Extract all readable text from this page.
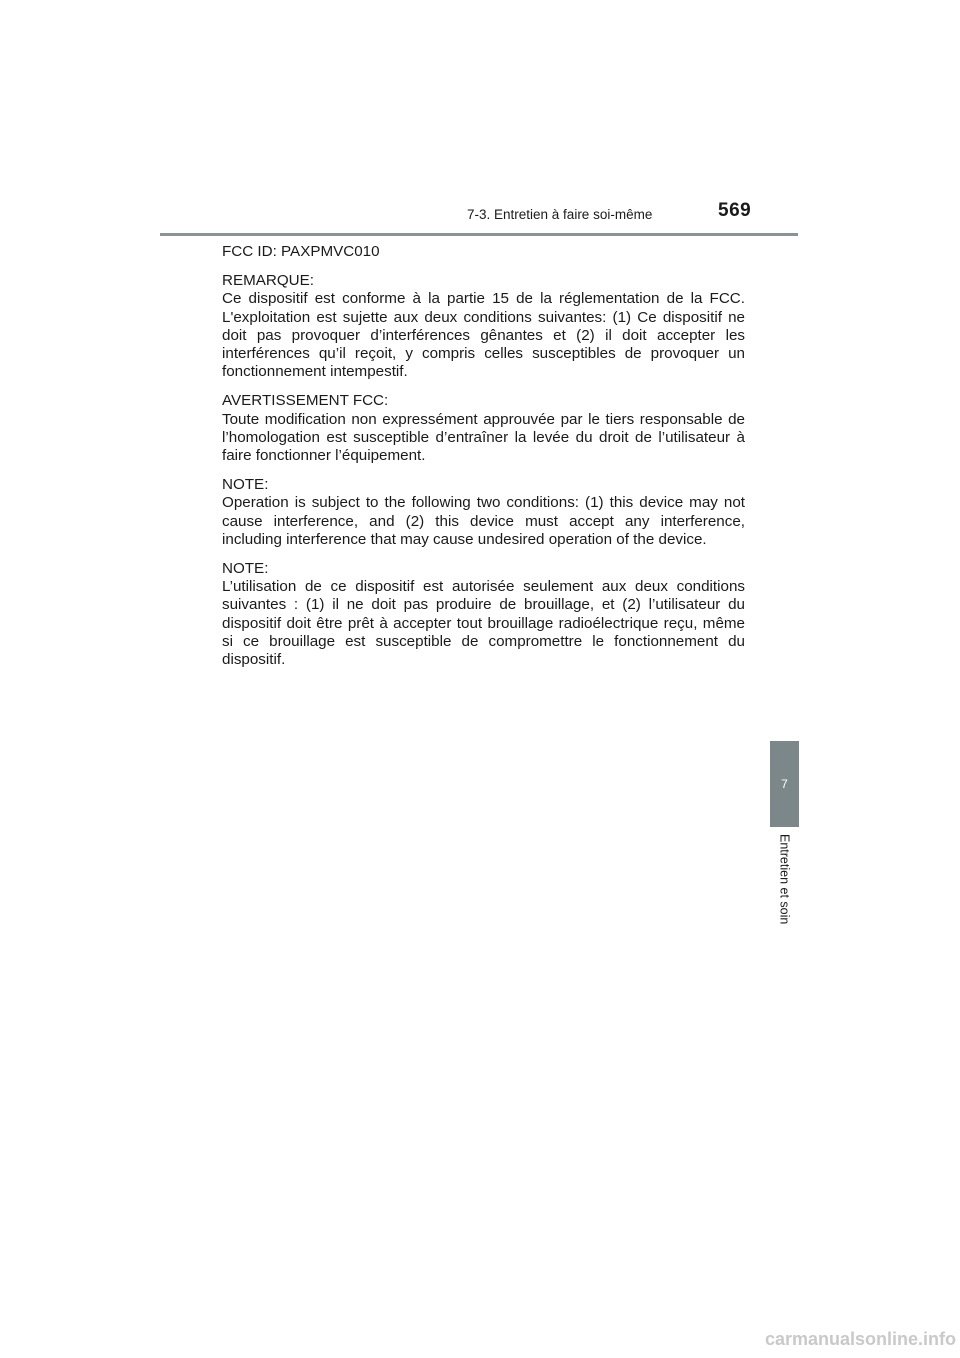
7-3. Entretien à faire soi-même	569

FCC ID: PAXPMVC010

REMARQUE:

Ce dispositif est conforme à la partie 15 de la réglementation de la FCC. L'exploitation est sujette aux deux conditions suivantes: (1) Ce dispositif ne doit pas provoquer d’interférences gênantes et (2) il doit accepter les interférences qu’il reçoit, y compris celles susceptibles de provoquer un fonctionnement intempestif.

AVERTISSEMENT FCC:

Toute modification non expressément approuvée par le tiers responsable de l’homologation est susceptible d’entraîner la levée du droit de l’utilisateur à faire fonctionner l’équipement.

NOTE:

Operation is subject to the following two conditions: (1) this device may not cause interference, and (2) this device must accept any interference, including interference that may cause undesired operation of the device.

NOTE:

L’utilisation de ce dispositif est autorisée seulement aux deux conditions suivantes : (1) il ne doit pas produire de brouillage, et (2) l’utilisateur du dispositif doit être prêt à accepter tout brouillage radioélectrique reçu, même si ce brouillage est susceptible de compromettre le fonctionnement du dispositif.

7
Entretien et soin
carmanualsonline.info
